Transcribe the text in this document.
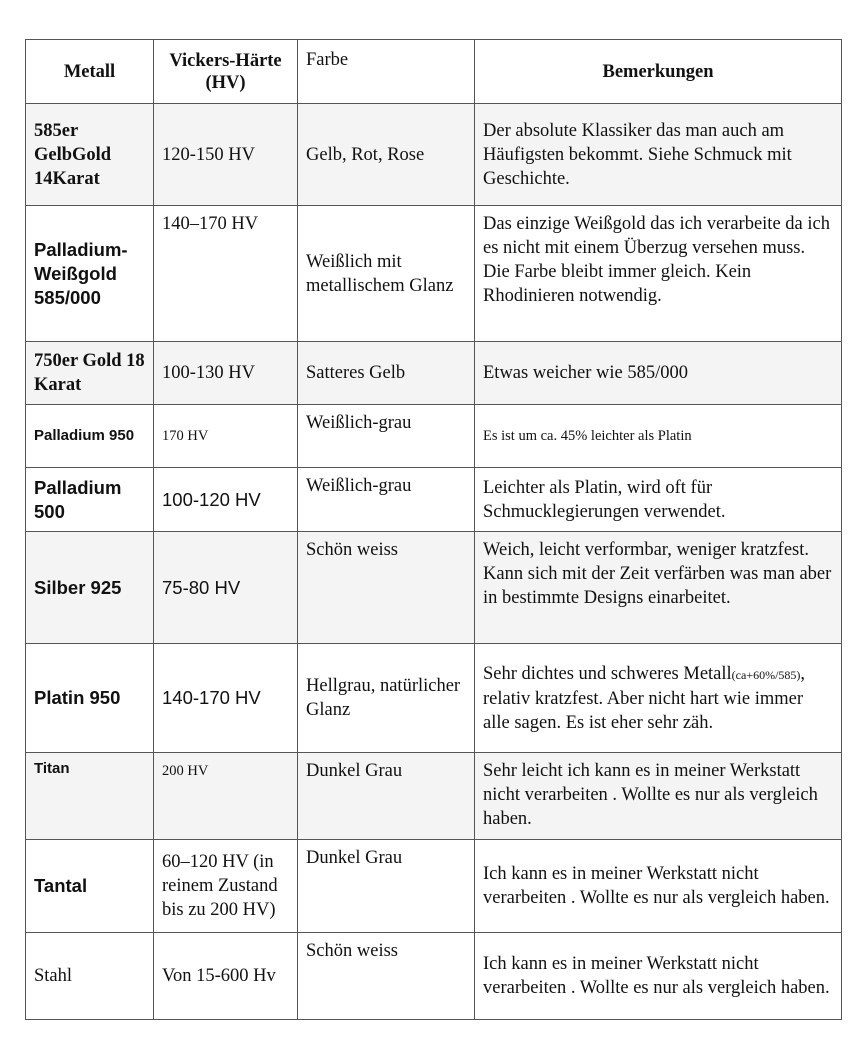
Metall	Vickers-Härte (HV)	Farbe	Bemerkungen
585er GelbGold 14Karat	120-150 HV	Gelb, Rot, Rose	Der absolute Klassiker das man auch am Häufigsten bekommt. Siehe Schmuck mit Geschichte.
Palladium-Weißgold 585/000	140–170 HV	Weißlich mit metallischem Glanz	Das einzige Weißgold das ich verarbeite da ich es nicht mit einem Überzug versehen muss. Die Farbe bleibt immer gleich. Kein Rhodinieren notwendig.
750er Gold 18 Karat	100-130 HV	Satteres Gelb	Etwas weicher wie 585/000
Palladium 950	170 HV	Weißlich-grau	Es ist um ca. 45% leichter als Platin
Palladium 500	100-120 HV	Weißlich-grau	Leichter als Platin, wird oft für Schmucklegierungen verwendet.
Silber 925	75-80 HV	Schön weiss	Weich, leicht verformbar, weniger kratzfest. Kann sich mit der Zeit verfärben was man aber in bestimmte Designs einarbeitet.
Platin 950	140-170 HV	Hellgrau, natürlicher Glanz	Sehr dichtes und schweres Metall(ca+60%/585), relativ kratzfest. Aber nicht hart wie immer alle sagen. Es ist eher sehr zäh.
Titan	200 HV	Dunkel Grau	Sehr leicht ich kann es in meiner Werkstatt nicht verarbeiten . Wollte es nur als vergleich haben.
Tantal	60–120 HV (in reinem Zustand bis zu 200 HV)	Dunkel Grau	Ich kann es in meiner Werkstatt nicht verarbeiten . Wollte es nur als vergleich haben.
Stahl	Von 15-600 Hv	Schön weiss	Ich kann es in meiner Werkstatt nicht verarbeiten . Wollte es nur als vergleich haben.
